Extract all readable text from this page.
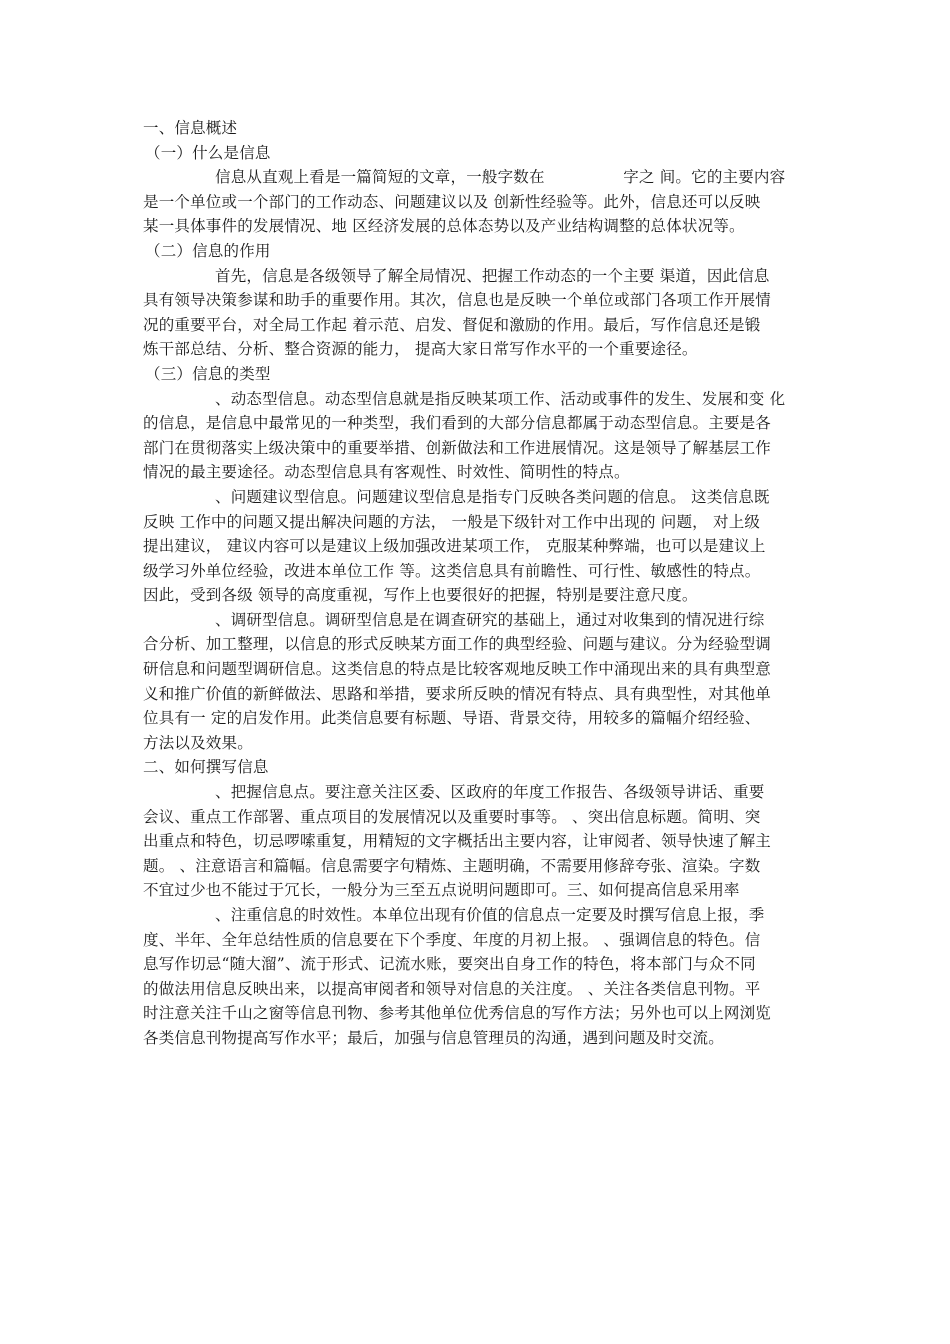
一、信息概述
（一）什么是信息
信息从直观上看是一篇简短的文章，一般字数在　　　　　字之 间。它的主要内容
是一个单位或一个部门的工作动态、问题建议以及 创新性经验等。此外，信息还可以反映
某一具体事件的发展情况、地 区经济发展的总体态势以及产业结构调整的总体状况等。
（二）信息的作用
首先，信息是各级领导了解全局情况、把握工作动态的一个主要 渠道，因此信息
具有领导决策参谋和助手的重要作用。其次，信息也是反映一个单位或部门各项工作开展情
况的重要平台，对全局工作起 着示范、启发、督促和激励的作用。最后，写作信息还是锻
炼干部总结、分析、整合资源的能力， 提高大家日常写作水平的一个重要途径。
（三）信息的类型
、动态型信息。动态型信息就是指反映某项工作、活动或事件的发生、发展和变 化
的信息，是信息中最常见的一种类型，我们看到的大部分信息都属于动态型信息。主要是各
部门在贯彻落实上级决策中的重要举措、创新做法和工作进展情况。这是领导了解基层工作
情况的最主要途径。动态型信息具有客观性、时效性、简明性的特点。
、问题建议型信息。问题建议型信息是指专门反映各类问题的信息。 这类信息既
反映 工作中的问题又提出解决问题的方法， 一般是下级针对工作中出现的 问题， 对上级
提出建议， 建议内容可以是建议上级加强改进某项工作， 克服某种弊端，也可以是建议上
级学习外单位经验，改进本单位工作 等。这类信息具有前瞻性、可行性、敏感性的特点。
因此，受到各级 领导的高度重视，写作上也要很好的把握，特别是要注意尺度。
、调研型信息。调研型信息是在调查研究的基础上，通过对收集到的情况进行综
合分析、加工整理，以信息的形式反映某方面工作的典型经验、问题与建议。分为经验型调
研信息和问题型调研信息。这类信息的特点是比较客观地反映工作中涌现出来的具有典型意
义和推广价值的新鲜做法、思路和举措，要求所反映的情况有特点、具有典型性，对其他单
位具有一 定的启发作用。此类信息要有标题、导语、背景交待，用较多的篇幅介绍经验、
方法以及效果。
二、如何撰写信息
、把握信息点。要注意关注区委、区政府的年度工作报告、各级领导讲话、重要
会议、重点工作部署、重点项目的发展情况以及重要时事等。 、突出信息标题。简明、突
出重点和特色，切忌啰嗦重复，用精短的文字概括出主要内容，让审阅者、领导快速了解主
题。 、注意语言和篇幅。信息需要字句精炼、主题明确，不需要用修辞夸张、渲染。字数
不宜过少也不能过于冗长，一般分为三至五点说明问题即可。三、如何提高信息采用率
、注重信息的时效性。本单位出现有价值的信息点一定要及时撰写信息上报，季
度、半年、全年总结性质的信息要在下个季度、年度的月初上报。 、强调信息的特色。信
息写作切忌“随大溜”、流于形式、记流水账，要突出自身工作的特色，将本部门与众不同
的做法用信息反映出来，以提高审阅者和领导对信息的关注度。 、关注各类信息刊物。平
时注意关注千山之窗等信息刊物、参考其他单位优秀信息的写作方法；另外也可以上网浏览
各类信息刊物提高写作水平；最后，加强与信息管理员的沟通，遇到问题及时交流。
